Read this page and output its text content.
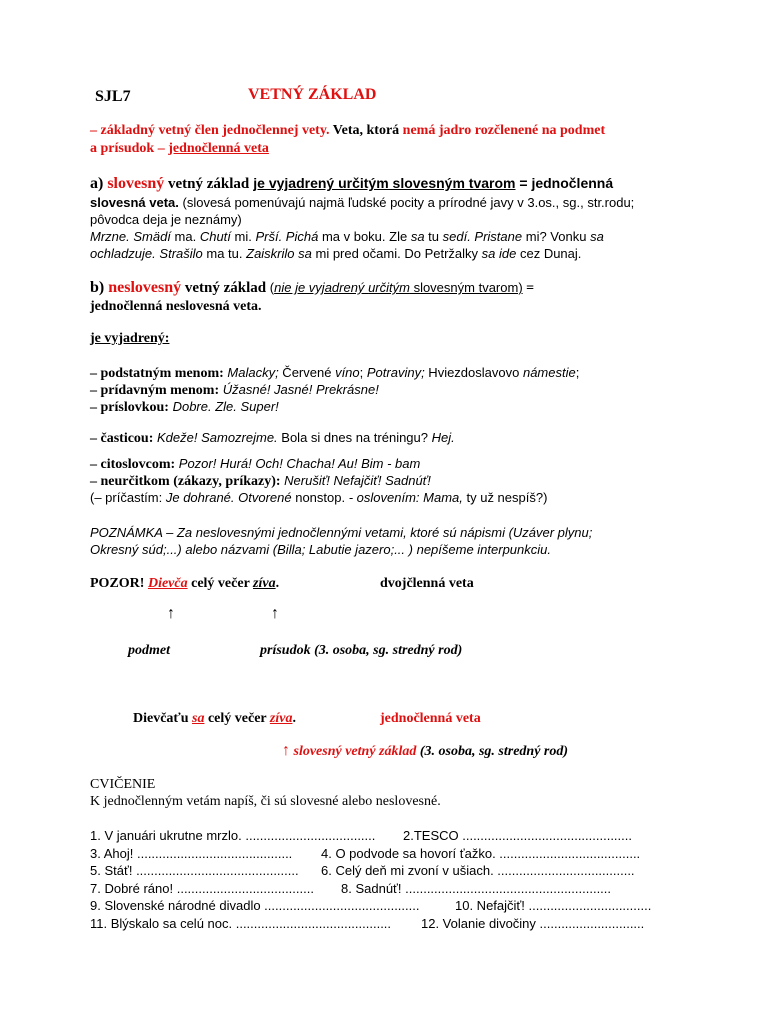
SJL7	VETNÝ ZÁKLAD
– základný vetný člen jednočlennej vety. Veta, ktorá nemá jadro rozčlenené na podmet
a prísudok – jednočlenná veta
a) slovesný vetný základ je vyjadrený určitým slovesným tvarom = jednočlenná
slovesná veta. (slovesá pomenúvajú najmä ľudské pocity a prírodné javy v 3.os., sg., str.rodu;
pôvodca deja je neznámy)
Mrzne. Smädí ma. Chutí mi. Prší. Pichá ma v boku. Zle sa tu sedí. Pristane mi? Vonku sa
ochladzuje. Strašilo ma tu. Zaiskrilo sa mi pred očami. Do Petržalky sa ide cez Dunaj.
b) neslovesný vetný základ (nie je vyjadrený určitým slovesným tvarom) =
jednočlenná neslovesná veta.
je vyjadrený:
– podstatným menom: Malacky; Červené víno; Potraviny; Hviezdoslavovo námestie;
– prídavným menom: Úžasné! Jasné! Prekrásne!
– príslovkou: Dobre. Zle. Super!
– časticou: Kdeže! Samozrejme. Bola si dnes na tréningu? Hej.
– citoslovcom: Pozor! Hurá! Och! Chacha! Au! Bim - bam
– neurčitkom (zákazy, príkazy): Nerušiť! Nefajčiť! Sadnúť!
(– príčastím: Je dohrané. Otvorené nonstop. - oslovením: Mama, ty už nespíš?)
POZNÁMKA – Za neslovesnými jednočlennými vetami, ktoré sú nápismi (Uzáver plynu;
Okresný súd;...) alebo názvami (Billa; Labutie jazero;... ) nepíšeme interpunkciu.
POZOR! Dievča celý večer zíva.	dvojčlenná veta
↑	↑
podmet	prísudok (3. osoba, sg. stredný rod)
Dievčaťu sa celý večer zíva.	jednočlenná veta
↑ slovesný vetný základ (3. osoba, sg. stredný rod)
CVIČENIE
K jednočlenným vetám napíš, či sú slovesné alebo neslovesné.
1. V januári ukrutne mrzlo. .................................... 2.TESCO ...............................................
3. Ahoj! ........................................... 4. O podvode sa hovorí ťažko. .......................................
5. Stáť! ............................................. 6. Celý deň mi zvoní v ušiach. ......................................
7. Dobré ráno! ...................................... 8. Sadnúť! .........................................................
9. Slovenské národné divadlo ...........................................	10. Nefajčiť! ..................................
11. Blýskalo sa celú noc. ........................................... 12. Volanie divočiny .............................
